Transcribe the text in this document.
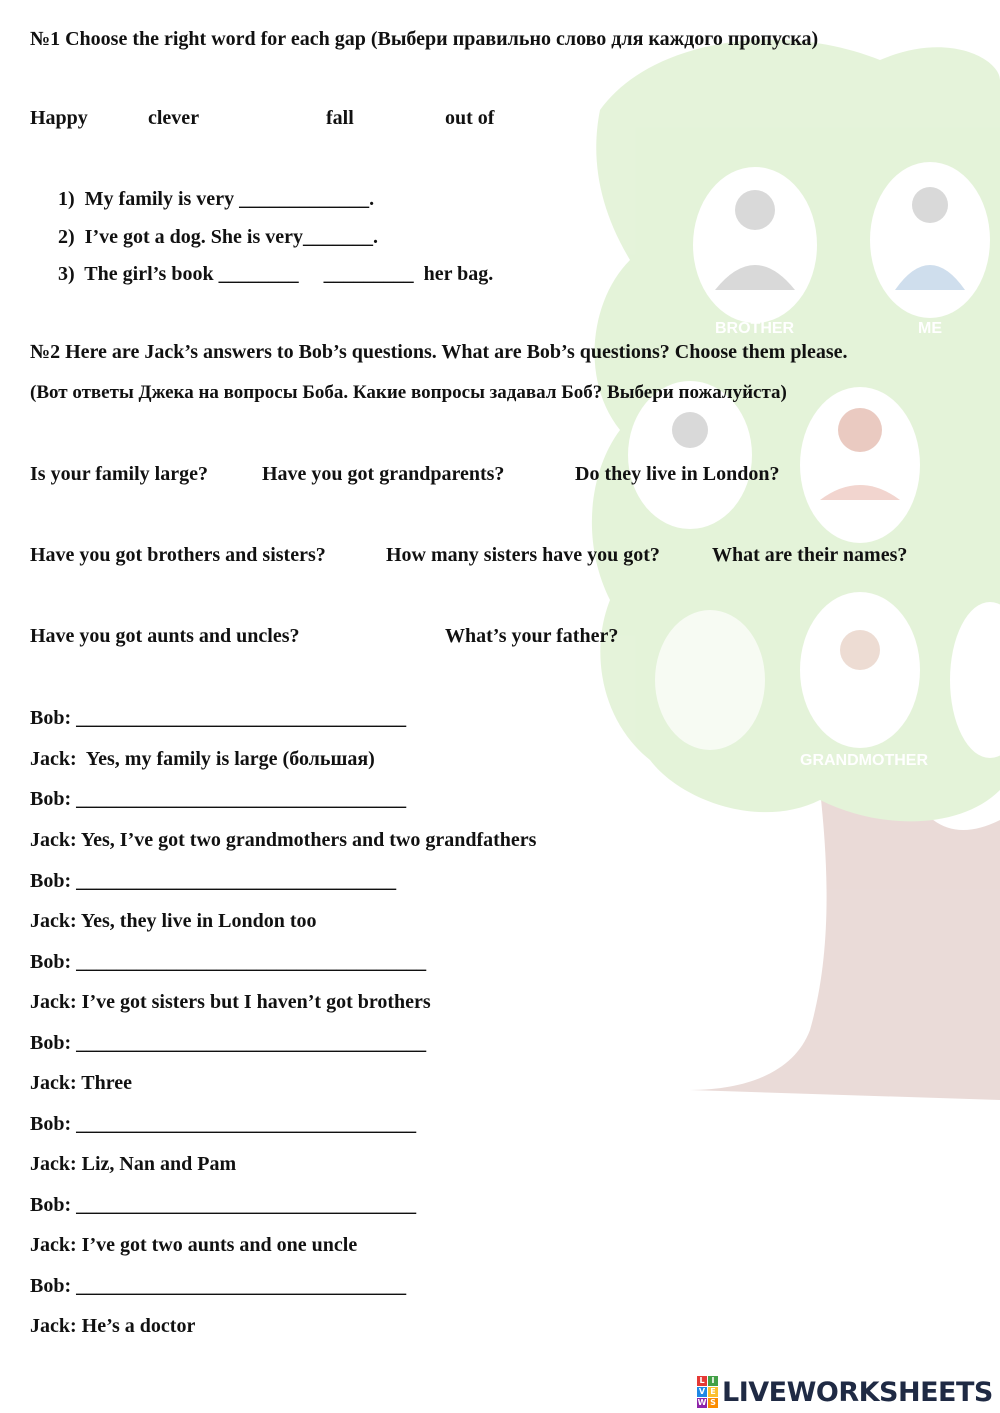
BROTHER	ME
GRANDMOTHER
№1 Choose the right word for each gap (Выбери правильно слово для каждого пропуска)
Happy	clever	fall	out of
1)  My family is very _____________.
2)  I’ve got a dog. She is very_______.
3)  The girl’s book ________     _________  her bag.
№2 Here are Jack’s answers to Bob’s questions. What are Bob’s questions? Choose them please.
(Вот ответы Джека на вопросы Боба. Какие вопросы задавал Боб? Выбери пожалуйста)
Is your family large?	Have you got grandparents?	Do they live in London?
Have you got brothers and sisters?	How many sisters have you got?	What are their names?
Have you got aunts and uncles?	What’s your father?
Bob: _________________________________
Jack:  Yes, my family is large (большая)
Bob: _________________________________
Jack: Yes, I’ve got two grandmothers and two grandfathers
Bob: ________________________________
Jack: Yes, they live in London too
Bob: ___________________________________
Jack: I’ve got sisters but I haven’t got brothers
Bob: ___________________________________
Jack: Three
Bob: __________________________________
Jack: Liz, Nan and Pam
Bob: __________________________________
Jack: I’ve got two aunts and one uncle
Bob: _________________________________
Jack: He’s a doctor
L I
V E
W S LIVEWORKSHEETS
